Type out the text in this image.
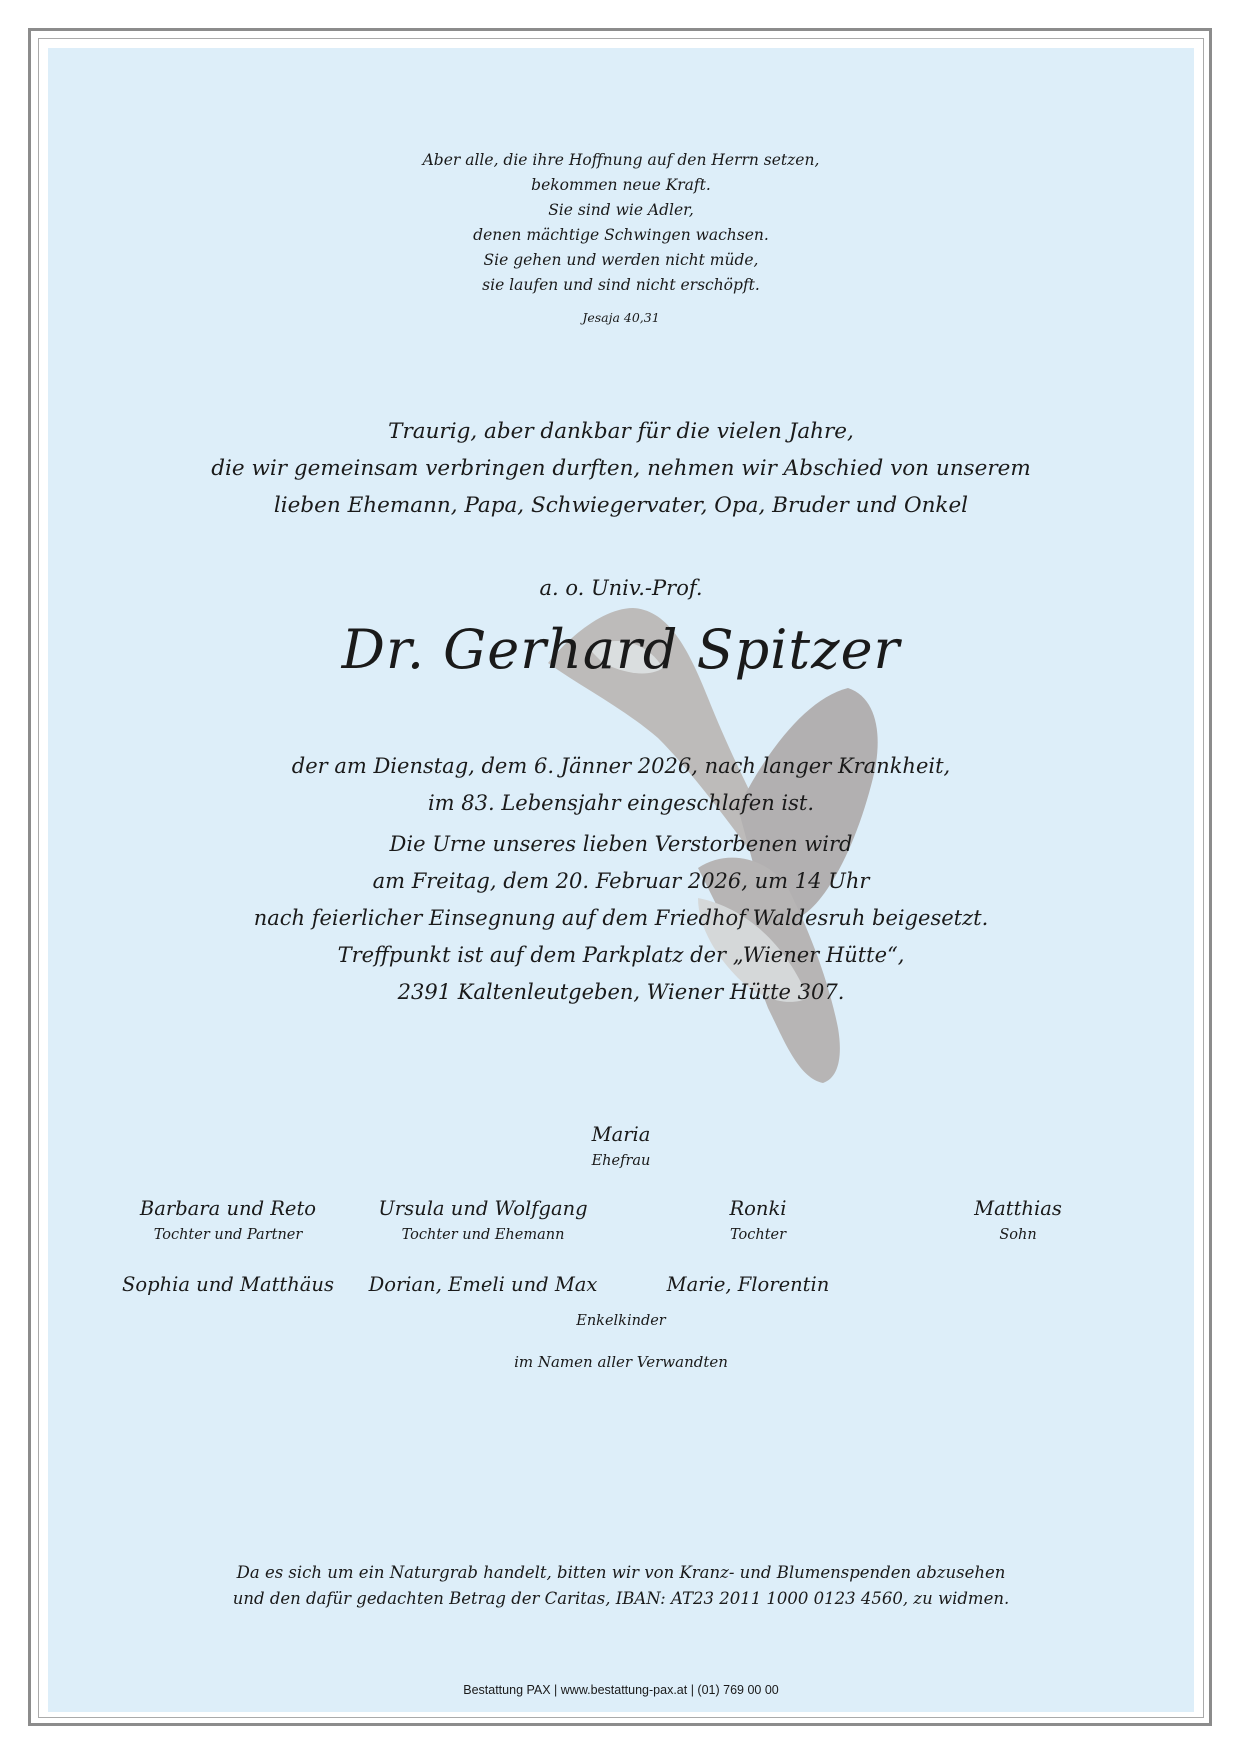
Aber alle, die ihre Hoffnung auf den Herrn setzen,
bekommen neue Kraft.
Sie sind wie Adler,
denen mächtige Schwingen wachsen.
Sie gehen und werden nicht müde,
sie laufen und sind nicht erschöpft.
Jesaja 40,31
Traurig, aber dankbar für die vielen Jahre,
die wir gemeinsam verbringen durften, nehmen wir Abschied von unserem
lieben Ehemann, Papa, Schwiegervater, Opa, Bruder und Onkel
a. o. Univ.-Prof.
Dr. Gerhard Spitzer
der am Dienstag, dem 6. Jänner 2026, nach langer Krankheit,
im 83. Lebensjahr eingeschlafen ist.
Die Urne unseres lieben Verstorbenen wird
am Freitag, dem 20. Februar 2026, um 14 Uhr
nach feierlicher Einsegnung auf dem Friedhof Waldesruh beigesetzt.
Treffpunkt ist auf dem Parkplatz der „Wiener Hütte“,
2391 Kaltenleutgeben, Wiener Hütte 307.
Maria
Ehefrau
Barbara und Reto
Tochter und Partner
Ursula und Wolfgang
Tochter und Ehemann
Ronki
Tochter
Matthias
Sohn
Sophia und Matthäus	Dorian, Emeli und Max	Marie, Florentin
Enkelkinder
im Namen aller Verwandten
Da es sich um ein Naturgrab handelt, bitten wir von Kranz- und Blumenspenden abzusehen
und den dafür gedachten Betrag der Caritas, IBAN: AT23 2011 1000 0123 4560, zu widmen.
Bestattung PAX | www.bestattung-pax.at | (01) 769 00 00
